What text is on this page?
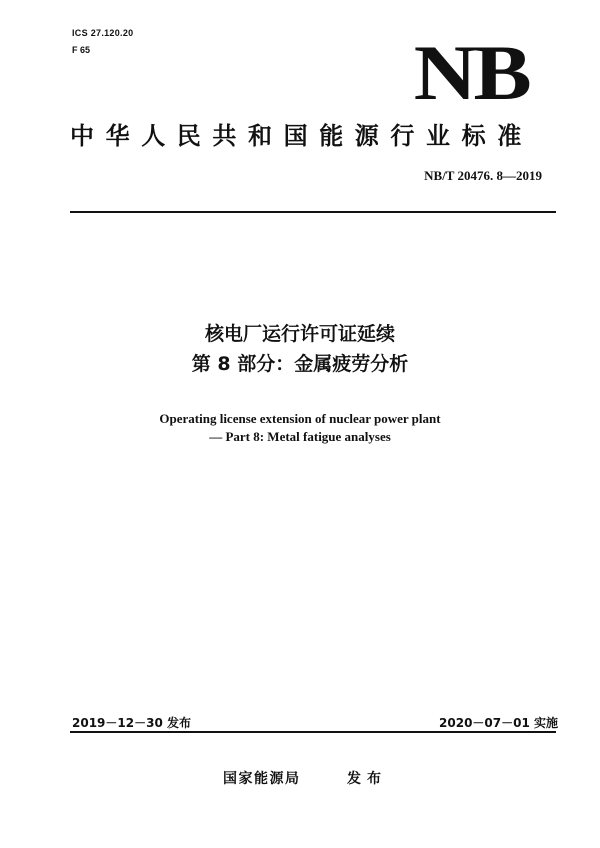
ICS 27.120.20
F 65	NB
中华人民共和国能源行业标准
NB/T 20476. 8—2019
核电厂运行许可证延续
第 8 部分：金属疲劳分析
Operating license extension of nuclear power plant
— Part 8: Metal fatigue analyses
2019－12－30 发布	2020－07－01 实施
国家能源局	发布
